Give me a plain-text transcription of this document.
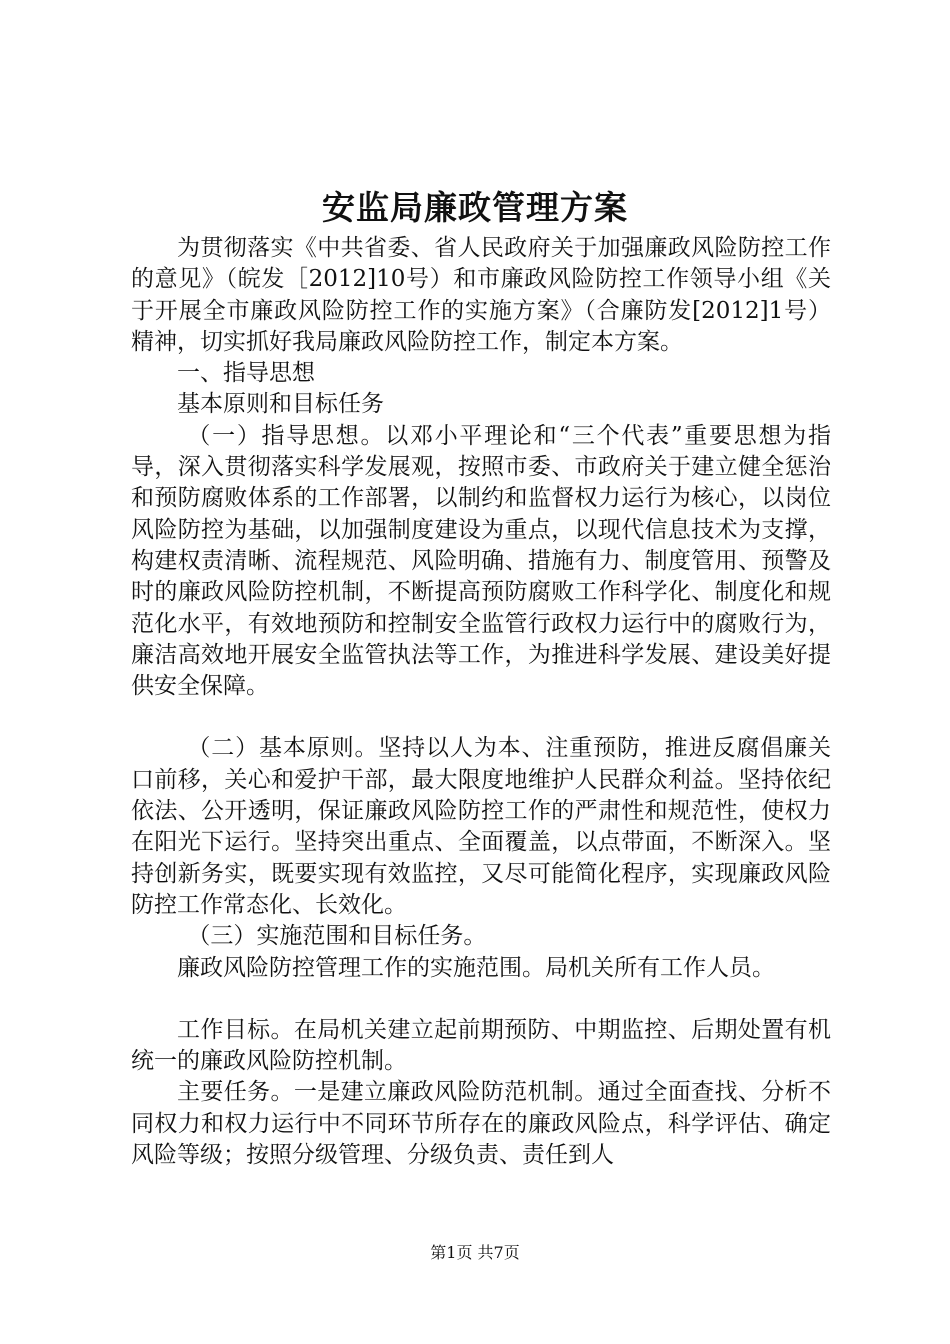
安监局廉政管理方案

为贯彻落实《中共省委、省人民政府关于加强廉政风险防控工作的意见》（皖发［2012]10号）和市廉政风险防控工作领导小组《关于开展全市廉政风险防控工作的实施方案》（合廉防发[2012]1号）精神，切实抓好我局廉政风险防控工作，制定本方案。

一、指导思想

基本原则和目标任务

（一）指导思想。以邓小平理论和“三个代表”重要思想为指导，深入贯彻落实科学发展观，按照市委、市政府关于建立健全惩治和预防腐败体系的工作部署，以制约和监督权力运行为核心，以岗位风险防控为基础，以加强制度建设为重点，以现代信息技术为支撑，构建权责清晰、流程规范、风险明确、措施有力、制度管用、预警及时的廉政风险防控机制，不断提高预防腐败工作科学化、制度化和规范化水平，有效地预防和控制安全监管行政权力运行中的腐败行为，廉洁高效地开展安全监管执法等工作，为推进科学发展、建设美好提供安全保障。

（二）基本原则。坚持以人为本、注重预防，推进反腐倡廉关口前移，关心和爱护干部，最大限度地维护人民群众利益。坚持依纪依法、公开透明，保证廉政风险防控工作的严肃性和规范性，使权力在阳光下运行。坚持突出重点、全面覆盖，以点带面，不断深入。坚持创新务实，既要实现有效监控，又尽可能简化程序，实现廉政风险防控工作常态化、长效化。

（三）实施范围和目标任务。

廉政风险防控管理工作的实施范围。局机关所有工作人员。

工作目标。在局机关建立起前期预防、中期监控、后期处置有机统一的廉政风险防控机制。

主要任务。一是建立廉政风险防范机制。通过全面查找、分析不同权力和权力运行中不同环节所存在的廉政风险点，科学评估、确定风险等级；按照分级管理、分级负责、责任到人

第1页 共7页
